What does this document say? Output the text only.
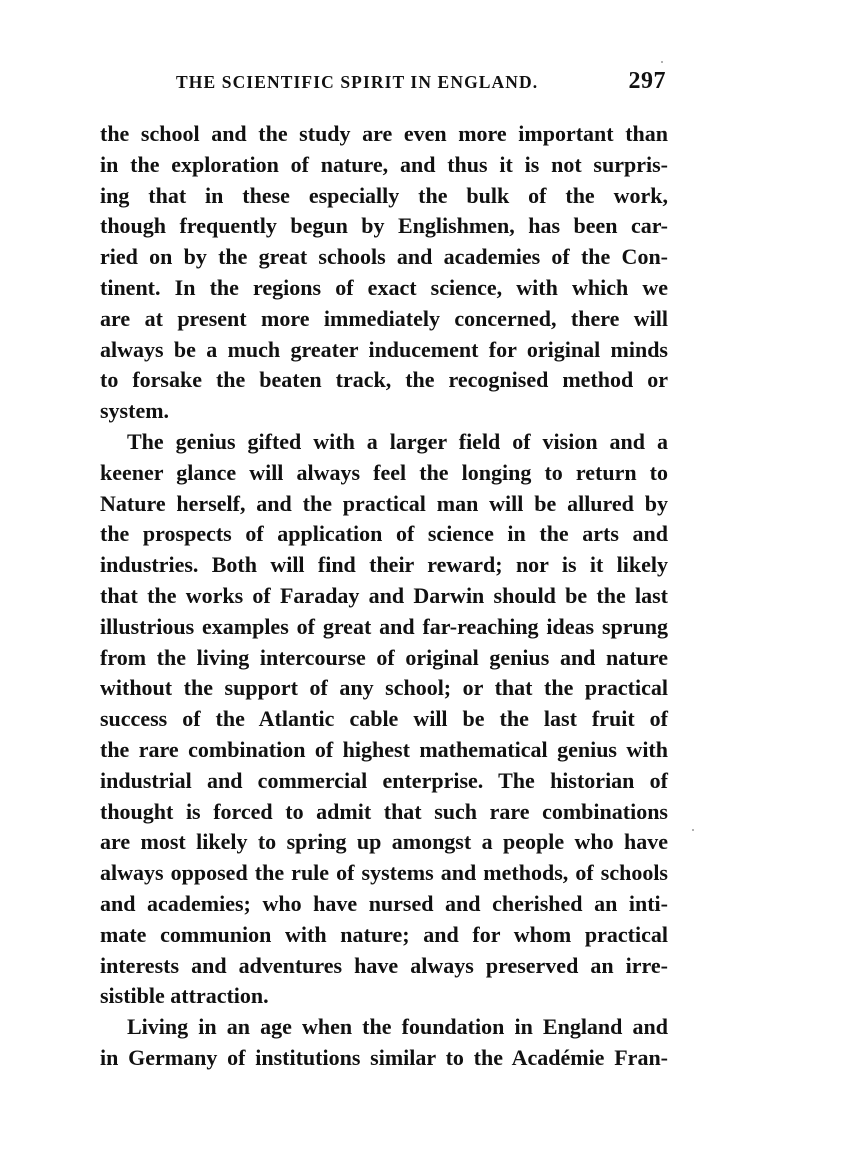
THE SCIENTIFIC SPIRIT IN ENGLAND.	297
the school and the study are even more important than
in the exploration of nature, and thus it is not surpris-
ing that in these especially the bulk of the work,
though frequently begun by Englishmen, has been car-
ried on by the great schools and academies of the Con-
tinent. In the regions of exact science, with which we
are at present more immediately concerned, there will
always be a much greater inducement for original minds
to forsake the beaten track, the recognised method or
system.
The genius gifted with a larger field of vision and a
keener glance will always feel the longing to return to
Nature herself, and the practical man will be allured by
the prospects of application of science in the arts and
industries. Both will find their reward; nor is it likely
that the works of Faraday and Darwin should be the last
illustrious examples of great and far-reaching ideas sprung
from the living intercourse of original genius and nature
without the support of any school; or that the practical
success of the Atlantic cable will be the last fruit of
the rare combination of highest mathematical genius with
industrial and commercial enterprise. The historian of
thought is forced to admit that such rare combinations
are most likely to spring up amongst a people who have
always opposed the rule of systems and methods, of schools
and academies; who have nursed and cherished an inti-
mate communion with nature; and for whom practical
interests and adventures have always preserved an irre-
sistible attraction.
Living in an age when the foundation in England and
in Germany of institutions similar to the Académie Fran-
